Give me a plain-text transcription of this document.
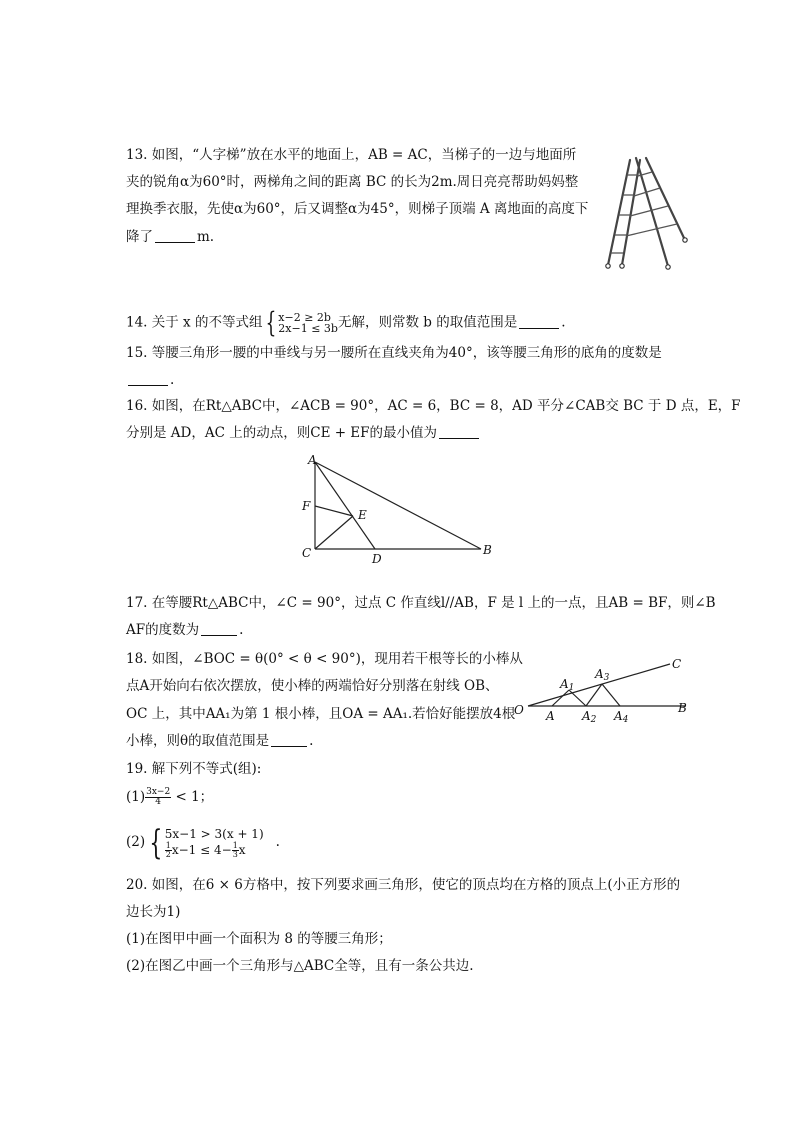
13. 如图，“人字梯”放在水平的地面上，AB = AC，当梯子的一边与地面所
夹的锐角α为60°时，两梯角之间的距离 BC 的长为2m.周日亮亮帮助妈妈整
理换季衣服，先使α为60°，后又调整α为45°，则梯子顶端 A 离地面的高度下
降了	m.
14. 关于 x 的不等式组 { x−2 ≥ 2b
2x−1 ≤ 3b 无解，则常数 b 的取值范围是	.
15. 等腰三角形一腰的中垂线与另一腰所在直线夹角为40°，该等腰三角形的底角的度数是
.
16. 如图，在Rt△ABC中，∠ACB = 90°，AC = 6，BC = 8，AD 平分∠CAB交 BC 于 D 点，E，F
分别是 AD，AC 上的动点，则CE + EF的最小值为
A
F
E
C	D
B
17. 在等腰Rt△ABC中，∠C = 90°，过点 C 作直线l//AB，F 是 l 上的一点，且AB = BF，则∠B
AF的度数为	.
18. 如图，∠BOC = θ(0° < θ < 90°)，现用若干根等长的小棒从
点A开始向右依次摆放，使小棒的两端恰好分别落在射线 OB、
OC 上，其中AA₁为第 1 根小棒，且OA = AA₁.若恰好能摆放4根
小棒，则θ的取值范围是	.
O A
A1
A2
A3
A4
C
B
19. 解下列不等式(组):
$(1) \frac{3x-2}{4} < 1$；
(2) { 5x−1 > 3(x + 1)
$\frac{1}{2} x-1 \le 4- \frac{1}{3}$ x	.
20. 如图，在6 × 6方格中，按下列要求画三角形，使它的顶点均在方格的顶点上(小正方形的
边长为1)
(1)在图甲中画一个面积为 8 的等腰三角形；
(2)在图乙中画一个三角形与△ABC全等，且有一条公共边.
